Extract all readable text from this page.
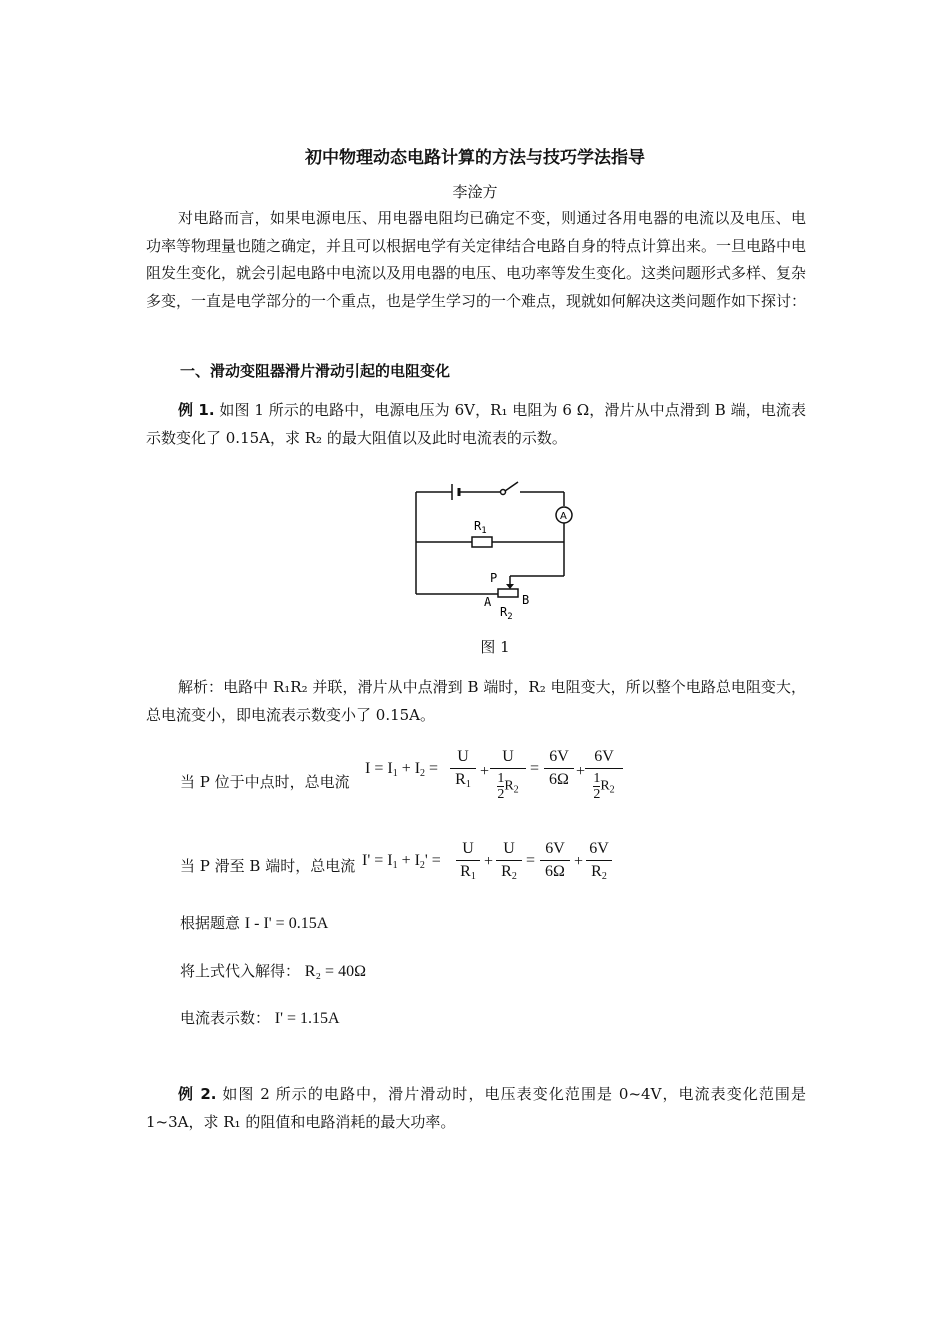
初中物理动态电路计算的方法与技巧学法指导
李淦方
对电路而言，如果电源电压、用电器电阻均已确定不变，则通过各用电器的电流以及电压、电功率等物理量也随之确定，并且可以根据电学有关定律结合电路自身的特点计算出来。一旦电路中电阻发生变化，就会引起电路中电流以及用电器的电压、电功率等发生变化。这类问题形式多样、复杂多变，一直是电学部分的一个重点，也是学生学习的一个难点，现就如何解决这类问题作如下探讨：
一、滑动变阻器滑片滑动引起的电阻变化
例 1. 如图 1 所示的电路中，电源电压为 6V，R₁ 电阻为 6 Ω，滑片从中点滑到 B 端，电流表示数变化了 0.15A，求 R₂ 的最大阻值以及此时电流表的示数。
A
$R_1$
P
A	B
$R_2$
图 1
解析：电路中 R₁R₂ 并联，滑片从中点滑到 B 端时，R₂ 电阻变大，所以整个电路总电阻变大，总电流变小，即电流表示数变小了 0.15A。
当 P 位于中点时，总电流
$I = I_1 + I_2$ =
U
$R_1$
+
U
$\frac{1}{2} R_2$
=
6V
6Ω +
6V
$\frac{1}{2} R_2$
当 P 滑至 B 端时，总电流 $I' = I_1 + I_2'$ =
U
$R_1$
+
U
$R_2$
=
6V
6Ω
+
6V
$R_2$
根据题意 I - I' = 0.15A
将上式代入解得： R₂ = 40Ω
电流表示数： I' = 1.15A
例 2. 如图 2 所示的电路中，滑片滑动时，电压表变化范围是 0~4V，电流表变化范围是 1~3A，求 R₁ 的阻值和电路消耗的最大功率。
